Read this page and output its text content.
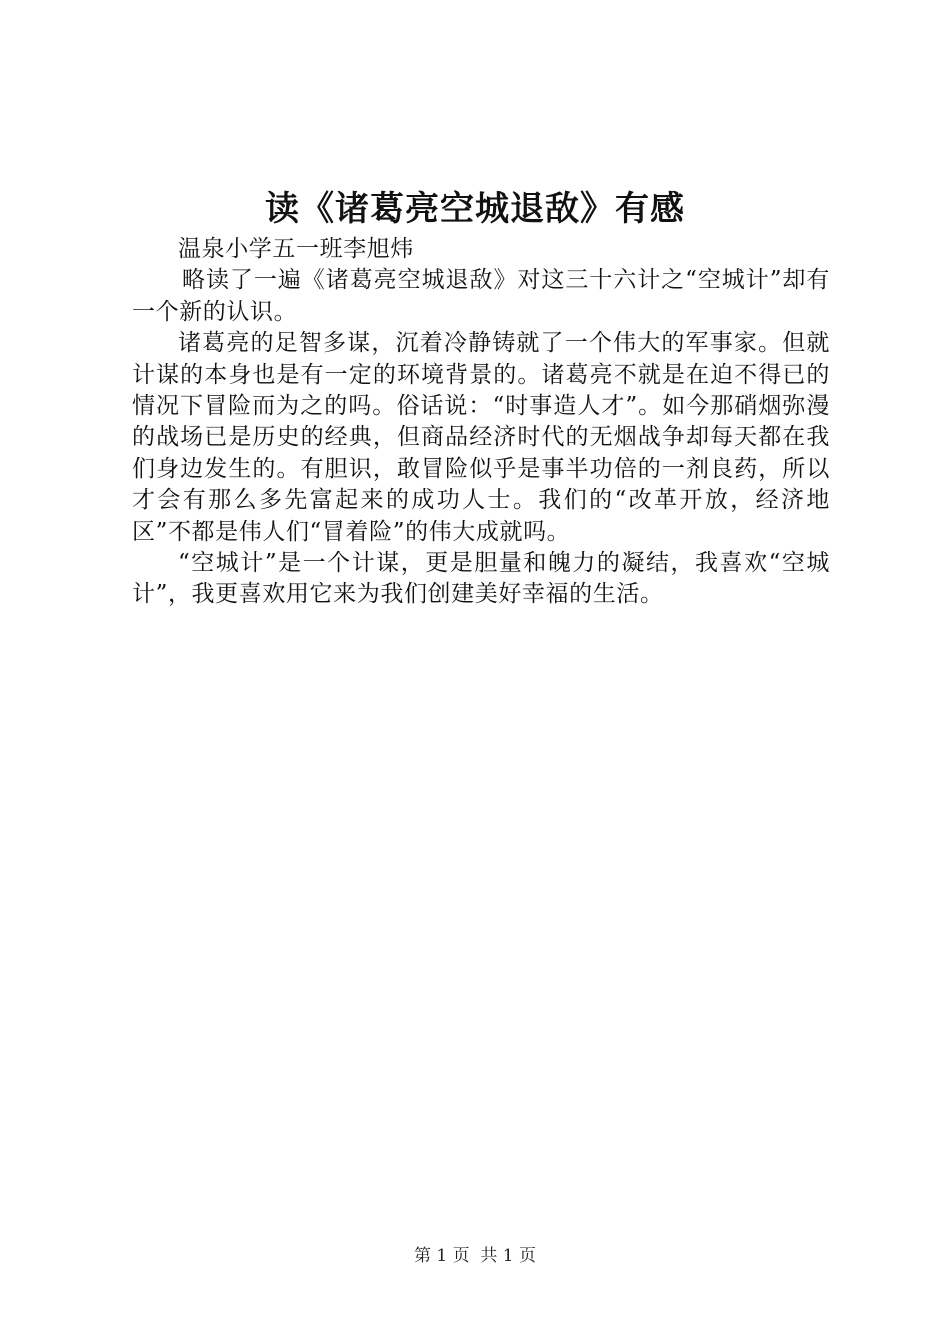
读《诸葛亮空城退敌》有感

温泉小学五一班李旭炜

略读了一遍《诸葛亮空城退敌》对这三十六计之“空城计”却有一个新的认识。

诸葛亮的足智多谋，沉着冷静铸就了一个伟大的军事家。但就计谋的本身也是有一定的环境背景的。诸葛亮不就是在迫不得已的情况下冒险而为之的吗。俗话说：“时事造人才”。如今那硝烟弥漫的战场已是历史的经典，但商品经济时代的无烟战争却每天都在我们身边发生的。有胆识，敢冒险似乎是事半功倍的一剂良药，所以才会有那么多先富起来的成功人士。我们的“改革开放，经济地区”不都是伟人们“冒着险”的伟大成就吗。

“空城计”是一个计谋，更是胆量和魄力的凝结，我喜欢“空城计”，我更喜欢用它来为我们创建美好幸福的生活。

第 1 页  共 1 页
